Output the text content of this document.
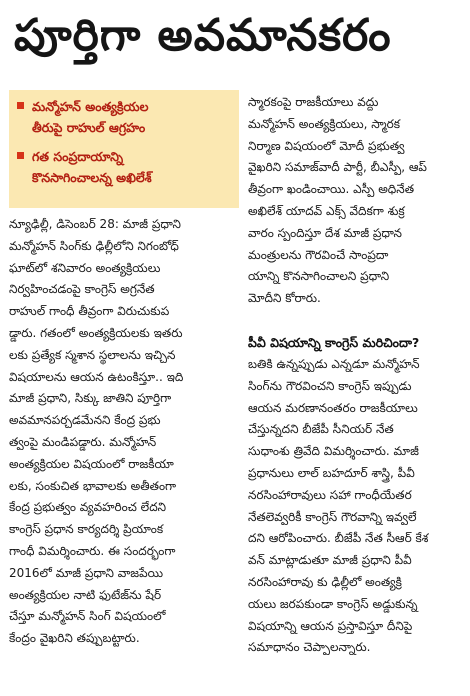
పూర్తిగా అవమానకరం
మన్మోహన్ అంత్యక్రియల
తీరుపై రాహుల్ ఆగ్రహం
గత సంప్రదాయాన్ని
కొనసాగించాలన్న అఖిలేశ్
న్యూఢిల్లీ, డిసెంబర్ 28: మాజీ ప్రధాని
మన్మోహన్ సింగ్‌కు ఢిల్లీలోని నిగంబోధ్
ఘాట్‌లో శనివారం అంత్యక్రియలు
నిర్వహించడంపై కాంగ్రెస్ అగ్రనేత
రాహుల్ గాంధీ తీవ్రంగా విరుచుకుప
డ్డారు. గతంలో అంత్యక్రియలకు ఇతరు
లకు ప్రత్యేక స్మశాన స్థలాలను ఇచ్చిన
విషయాలను ఆయన ఉటంకిస్తూ.. ఇది
మాజీ ప్రధాని, సిక్కు జాతిని పూర్తిగా
అవమానపర్చడమేనని కేంద్ర ప్రభు
త్వంపై మండిపడ్డారు. మన్మోహన్
అంత్యక్రియల విషయంలో రాజకీయా
లకు, సంకుచిత భావాలకు అతీతంగా
కేంద్ర ప్రభుత్వం వ్యవహరించ లేదని
కాంగ్రెస్ ప్రధాన కార్యదర్శి ప్రియాంక
గాంధీ విమర్శించారు. ఈ సందర్భంగా
2016లో మాజీ ప్రధాని వాజపేయి
అంత్యక్రియల నాటి ఫుటేజ్‌ను షేర్
చేస్తూ మన్మోహన్ సింగ్ విషయంలో
కేంద్రం వైఖరిని తప్పుబట్టారు.
స్మారకంపై రాజకీయాలు వద్దు
మన్మోహన్ అంత్యక్రియలు, స్మారక
నిర్మాణ విషయంలో మోదీ ప్రభుత్వ
వైఖరిని సమాజ్‌వాదీ పార్టీ, బీఎస్పీ, ఆప్
తీవ్రంగా ఖండించాయి. ఎస్పీ అధినేత
అఖిలేశ్ యాదవ్ ఎక్స్ వేదికగా శుక్ర
వారం స్పందిస్తూ దేశ మాజీ ప్రధాన
మంత్రులను గౌరవించే సాంప్రదా
యాన్ని కొనసాగించాలని ప్రధాని
మోదీని కోరారు.
పీవీ విషయాన్ని కాంగ్రెస్ మరిచిందా?
బతికి ఉన్నప్పుడు ఎన్నడూ మన్మోహన్
సింగ్‌ను గౌరవించని కాంగ్రెస్ ఇప్పుడు
ఆయన మరణానంతరం రాజకీయాలు
చేస్తున్నదని బీజేపీ సీనియర్ నేత
సుధాంశు త్రివేది విమర్శించారు. మాజీ
ప్రధానులు లాల్ బహదూర్ శాస్త్రి, పీవీ
నరసింహారావులు సహా గాంధీయేతర
నేతలెవ్వరికీ కాంగ్రెస్ గౌరవాన్ని ఇవ్వలే
దని ఆరోపించారు. బీజేపీ నేత సీఆర్ కేశ
వన్ మాట్లాడుతూ మాజీ ప్రధాని పీవీ
నరసింహారావు కు ఢిల్లీలో అంత్యక్రి
యలు జరపకుండా కాంగ్రెస్ అడ్డుకున్న
విషయాన్ని ఆయన ప్రస్తావిస్తూ దీనిపై
సమాధానం చెప్పాలన్నారు.
